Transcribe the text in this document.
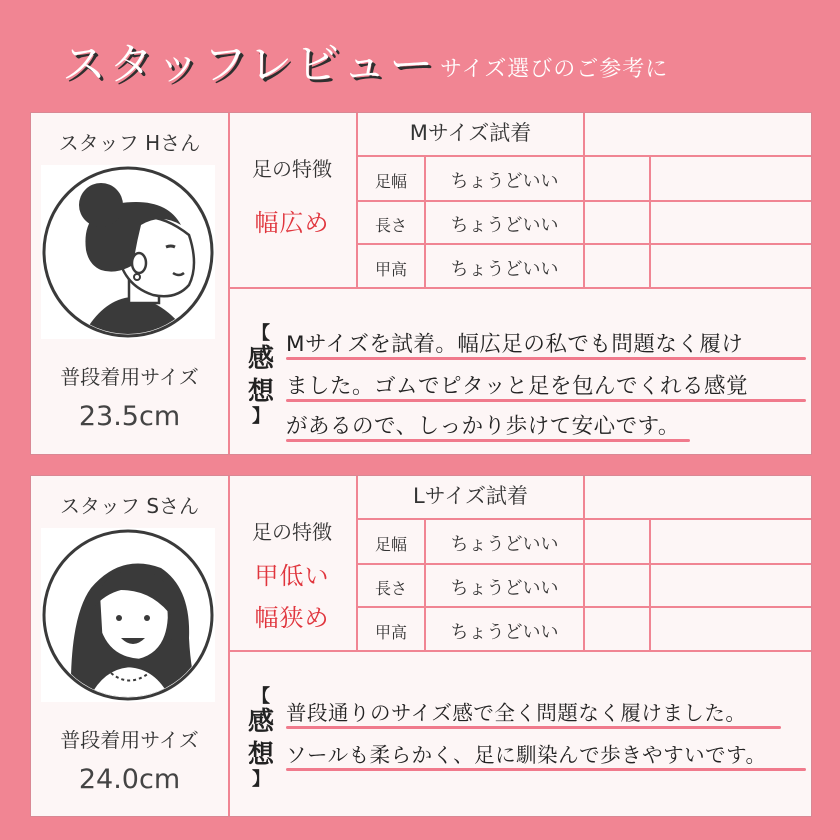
スタッフレビュー サイズ選びのご参考に
スタッフ Hさん
普段着用サイズ
23.5cm
足の特徴
幅広め
Mサイズ試着
足幅	ちょうどいい
長さ	ちょうどいい
甲高	ちょうどいい
【
感想
】
Mサイズを試着。幅広足の私でも問題なく履け
ました。ゴムでピタッと足を包んでくれる感覚
があるので、しっかり歩けて安心です。
スタッフ Sさん
普段着用サイズ
24.0cm
足の特徴
甲低い
幅狭め
Lサイズ試着
足幅	ちょうどいい
長さ	ちょうどいい
甲高	ちょうどいい
【
感想
】
普段通りのサイズ感で全く問題なく履けました。
ソールも柔らかく、足に馴染んで歩きやすいです。
